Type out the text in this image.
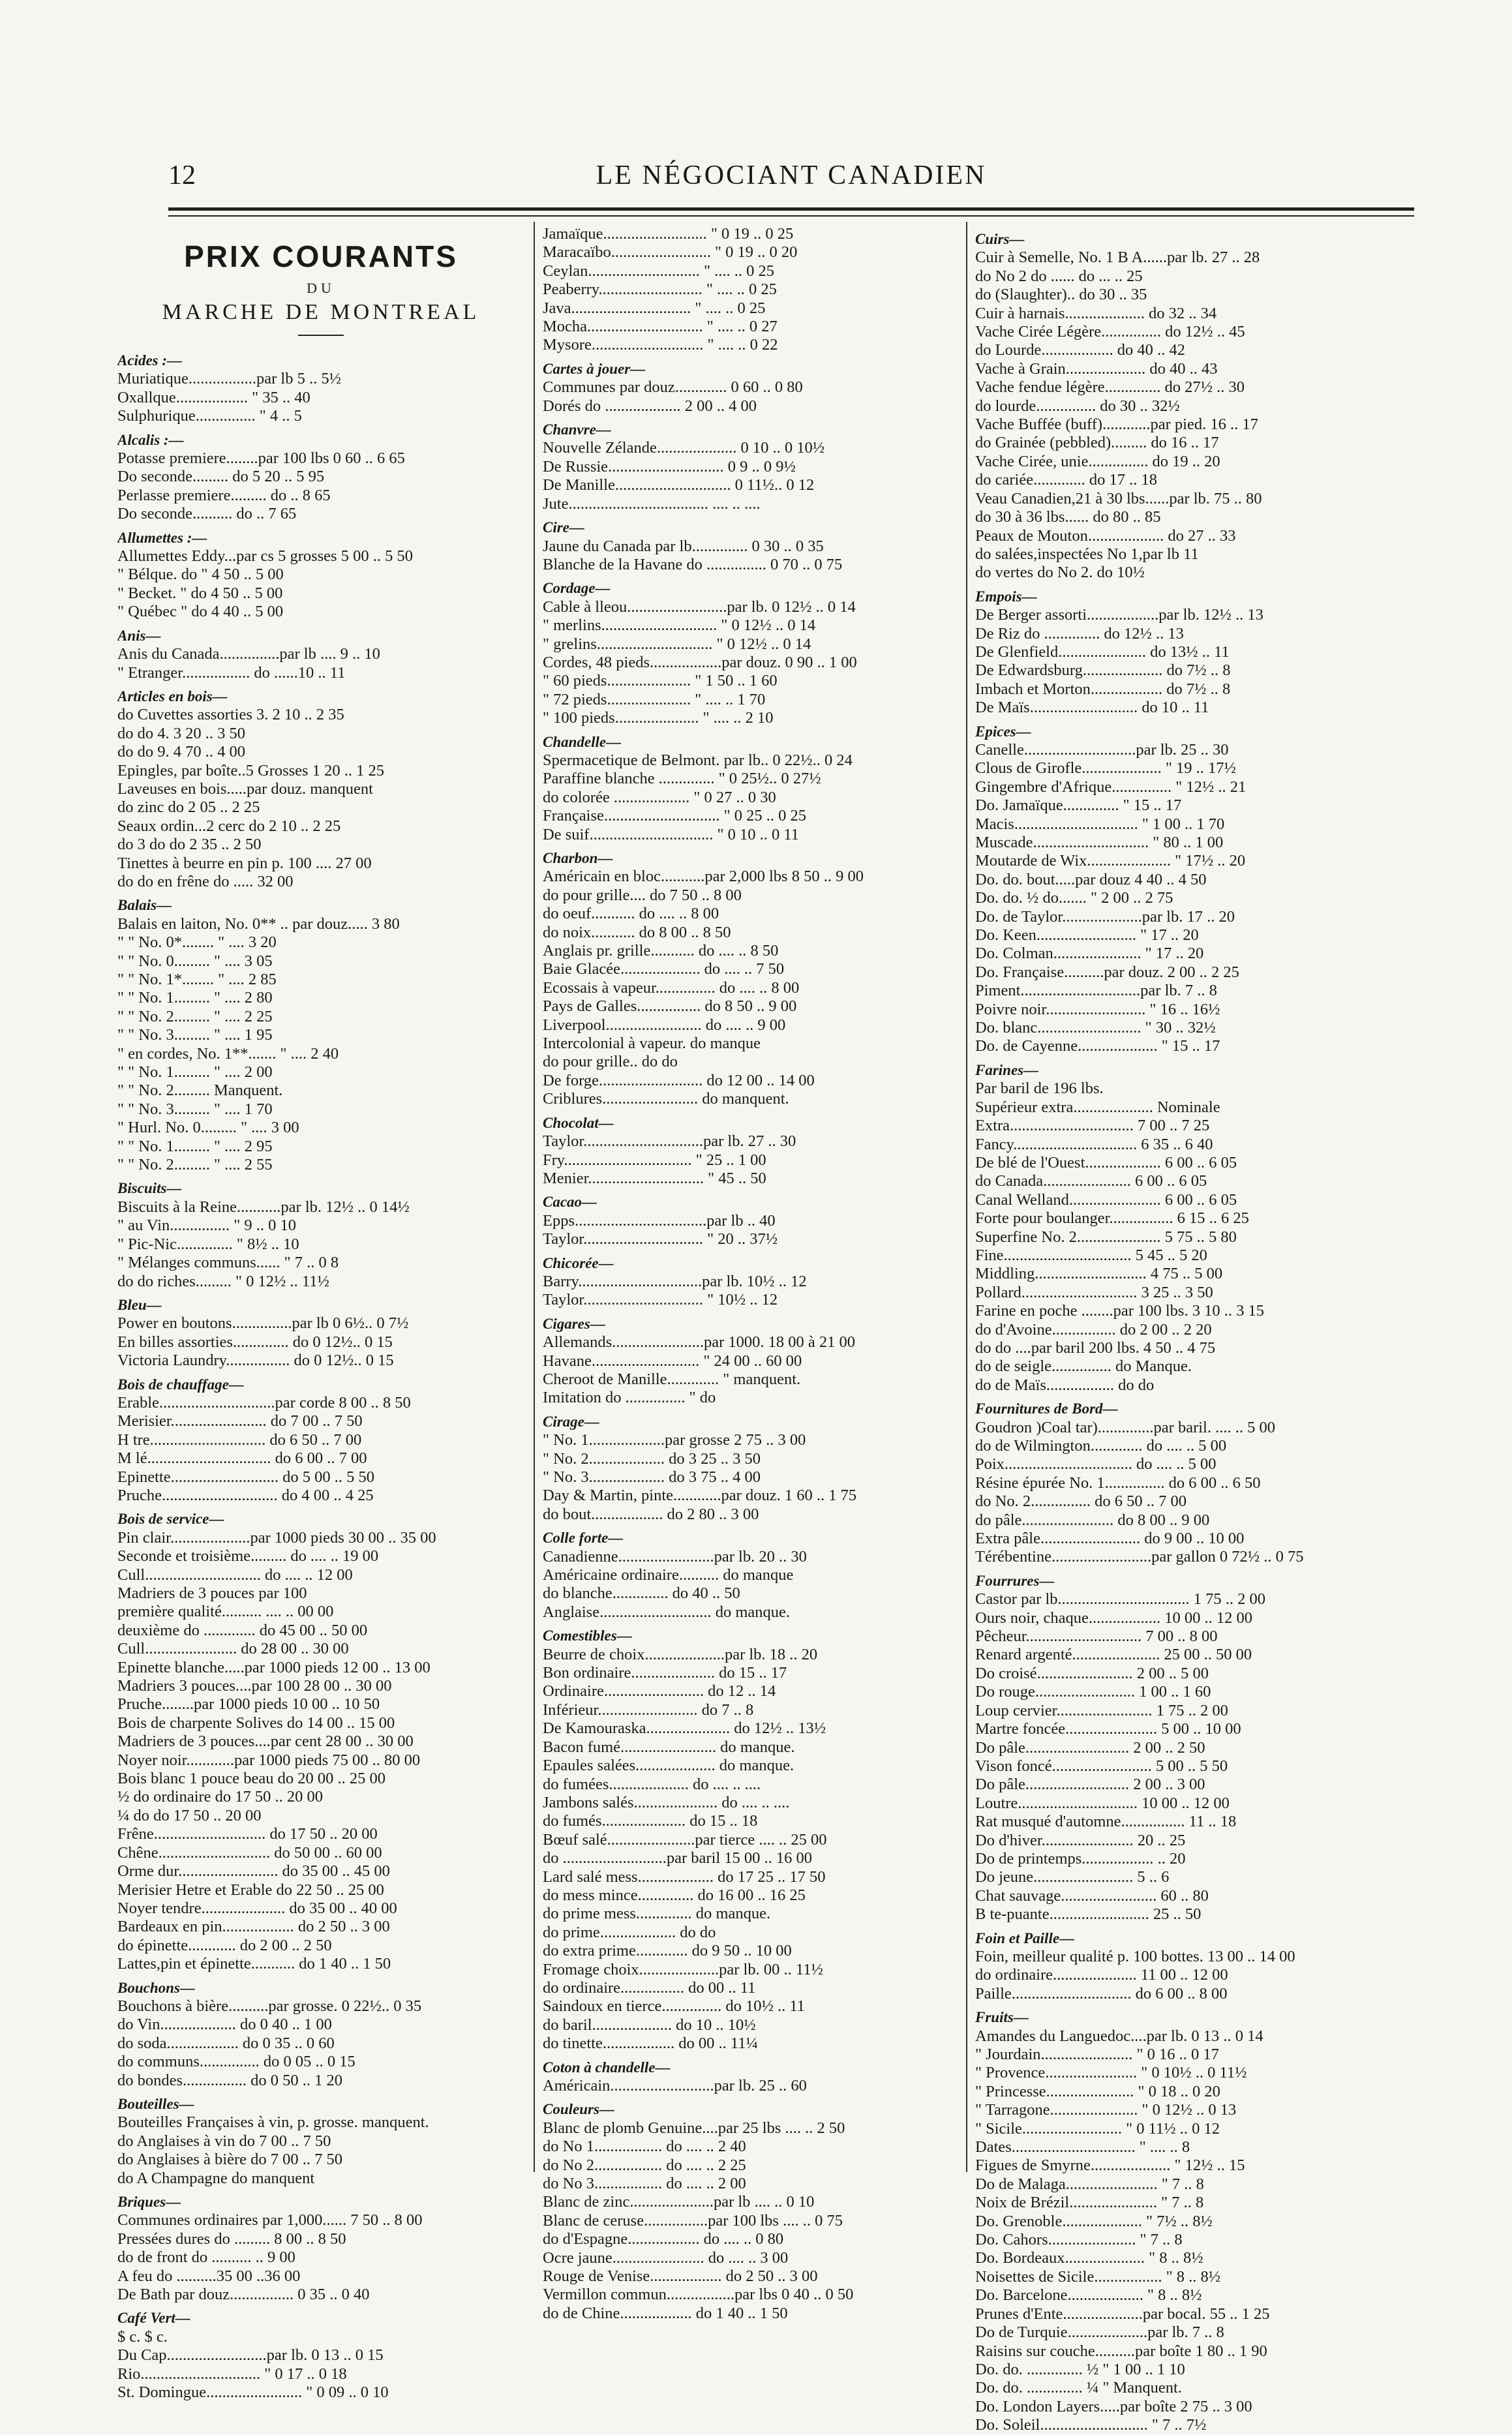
12	LE NÉGOCIANT CANADIEN
PRIX COURANTS
DU
MARCHE DE MONTREAL
Acides :—
Muriatique.................par lb 5 .. 5½
Oxallque.................. " 35 .. 40
Sulphurique............... " 4 .. 5
Alcalis :—
Potasse premiere........par 100 lbs 0 60 .. 6 65
Do seconde......... do 5 20 .. 5 95
Perlasse premiere......... do .. 8 65
Do seconde.......... do .. 7 65
Allumettes :—
Allumettes Eddy...par cs 5 grosses 5 00 .. 5 50
" Bélque. do " 4 50 .. 5 00
" Becket. " do 4 50 .. 5 00
" Québec " do 4 40 .. 5 00
Anis—
Anis du Canada...............par lb .... 9 .. 10
" Etranger................. do ......10 .. 11
Articles en bois—
do Cuvettes assorties 3. 2 10 .. 2 35
do do 4. 3 20 .. 3 50
do do 9. 4 70 .. 4 00
Epingles, par boîte..5 Grosses 1 20 .. 1 25
Laveuses en bois.....par douz. manquent
do zinc do 2 05 .. 2 25
Seaux ordin...2 cerc do 2 10 .. 2 25
do 3 do do 2 35 .. 2 50
Tinettes à beurre en pin p. 100 .... 27 00
do do en frêne do ..... 32 00
Balais—
Balais en laiton, No. 0** .. par douz..... 3 80
" " No. 0*........ " .... 3 20
" " No. 0......... " .... 3 05
" " No. 1*........ " .... 2 85
" " No. 1......... " .... 2 80
" " No. 2......... " .... 2 25
" " No. 3......... " .... 1 95
" en cordes, No. 1**....... " .... 2 40
" " No. 1......... " .... 2 00
" " No. 2......... Manquent.
" " No. 3......... " .... 1 70
" Hurl. No. 0......... " .... 3 00
" " No. 1......... " .... 2 95
" " No. 2......... " .... 2 55
Biscuits—
Biscuits à la Reine...........par lb. 12½ .. 0 14½
" au Vin............... " 9 .. 0 10
" Pic-Nic.............. " 8½ .. 10
" Mélanges communs...... " 7 .. 0 8
do do riches......... " 0 12½ .. 11½
Bleu—
Power en boutons...............par lb 0 6½.. 0 7½
En billes assorties.............. do 0 12½.. 0 15
Victoria Laundry................ do 0 12½.. 0 15
Bois de chauffage—
Erable.............................par corde 8 00 .. 8 50
Merisier........................ do 7 00 .. 7 50
H tre............................. do 6 50 .. 7 00
M lé............................... do 6 00 .. 7 00
Epinette........................... do 5 00 .. 5 50
Pruche............................. do 4 00 .. 4 25
Bois de service—
Pin clair....................par 1000 pieds 30 00 .. 35 00
Seconde et troisième......... do .... .. 19 00
Cull............................. do .... .. 12 00
Madriers de 3 pouces par 100
première qualité.......... .... .. 00 00
deuxième do ............. do 45 00 .. 50 00
Cull....................... do 28 00 .. 30 00
Epinette blanche.....par 1000 pieds 12 00 .. 13 00
Madriers 3 pouces....par 100 28 00 .. 30 00
Pruche........par 1000 pieds 10 00 .. 10 50
Bois de charpente Solives do 14 00 .. 15 00
Madriers de 3 pouces....par cent 28 00 .. 30 00
Noyer noir............par 1000 pieds 75 00 .. 80 00
Bois blanc 1 pouce beau do 20 00 .. 25 00
½ do ordinaire do 17 50 .. 20 00
¼ do do 17 50 .. 20 00
Frêne............................ do 17 50 .. 20 00
Chêne............................ do 50 00 .. 60 00
Orme dur......................... do 35 00 .. 45 00
Merisier Hetre et Erable do 22 50 .. 25 00
Noyer tendre..................... do 35 00 .. 40 00
Bardeaux en pin.................. do 2 50 .. 3 00
do épinette............ do 2 00 .. 2 50
Lattes,pin et épinette........... do 1 40 .. 1 50
Bouchons—
Bouchons à bière..........par grosse. 0 22½.. 0 35
do Vin................... do 0 40 .. 1 00
do soda.................. do 0 35 .. 0 60
do communs............... do 0 05 .. 0 15
do bondes................ do 0 50 .. 1 20
Bouteilles—
Bouteilles Françaises à vin, p. grosse. manquent.
do Anglaises à vin do 7 00 .. 7 50
do Anglaises à bière do 7 00 .. 7 50
do A Champagne do manquent
Briques—
Communes ordinaires par 1,000...... 7 50 .. 8 00
Pressées dures do ......... 8 00 .. 8 50
do de front do .......... .. 9 00
A feu do ..........35 00 ..36 00
De Bath par douz................ 0 35 .. 0 40
Café Vert—
$ c. $ c.
Du Cap.........................par lb. 0 13 .. 0 15
Rio.............................. " 0 17 .. 0 18
St. Domingue........................ " 0 09 .. 0 10
Jamaïque.......................... " 0 19 .. 0 25
Maracaïbo......................... " 0 19 .. 0 20
Ceylan............................ " .... .. 0 25
Peaberry.......................... " .... .. 0 25
Java.............................. " .... .. 0 25
Mocha............................. " .... .. 0 27
Mysore............................ " .... .. 0 22
Cartes à jouer—
Communes par douz............. 0 60 .. 0 80
Dorés do ................... 2 00 .. 4 00
Chanvre—
Nouvelle Zélande.................... 0 10 .. 0 10½
De Russie............................. 0 9 .. 0 9½
De Manille............................. 0 11½.. 0 12
Jute................................... .... .. ....
Cire—
Jaune du Canada par lb.............. 0 30 .. 0 35
Blanche de la Havane do ............... 0 70 .. 0 75
Cordage—
Cable à lleou.........................par lb. 0 12½ .. 0 14
" merlins............................. " 0 12½ .. 0 14
" grelins............................. " 0 12½ .. 0 14
Cordes, 48 pieds..................par douz. 0 90 .. 1 00
" 60 pieds..................... " 1 50 .. 1 60
" 72 pieds..................... " .... .. 1 70
" 100 pieds..................... " .... .. 2 10
Chandelle—
Spermacetique de Belmont. par lb.. 0 22½.. 0 24
Paraffine blanche .............. " 0 25½.. 0 27½
do colorée ................... " 0 27 .. 0 30
Française............................. " 0 25 .. 0 25
De suif............................... " 0 10 .. 0 11
Charbon—
Américain en bloc...........par 2,000 lbs 8 50 .. 9 00
do pour grille.... do 7 50 .. 8 00
do oeuf........... do .... .. 8 00
do noix........... do 8 00 .. 8 50
Anglais pr. grille........... do .... .. 8 50
Baie Glacée.................... do .... .. 7 50
Ecossais à vapeur............... do .... .. 8 00
Pays de Galles................ do 8 50 .. 9 00
Liverpool........................ do .... .. 9 00
Intercolonial à vapeur. do manque
do pour grille.. do do
De forge.......................... do 12 00 .. 14 00
Criblures........................ do manquent.
Chocolat—
Taylor..............................par lb. 27 .. 30
Fry................................ " 25 .. 1 00
Menier............................. " 45 .. 50
Cacao—
Epps.................................par lb .. 40
Taylor.............................. " 20 .. 37½
Chicorée—
Barry...............................par lb. 10½ .. 12
Taylor.............................. " 10½ .. 12
Cigares—
Allemands.......................par 1000. 18 00 à 21 00
Havane........................... " 24 00 .. 60 00
Cheroot de Manille............. " manquent.
Imitation do ............... " do
Cirage—
" No. 1...................par grosse 2 75 .. 3 00
" No. 2................... do 3 25 .. 3 50
" No. 3................... do 3 75 .. 4 00
Day & Martin, pinte............par douz. 1 60 .. 1 75
do bout.................. do 2 80 .. 3 00
Colle forte—
Canadienne........................par lb. 20 .. 30
Américaine ordinaire.......... do manque
do blanche.............. do 40 .. 50
Anglaise............................ do manque.
Comestibles—
Beurre de choix....................par lb. 18 .. 20
Bon ordinaire..................... do 15 .. 17
Ordinaire......................... do 12 .. 14
Inférieur......................... do 7 .. 8
De Kamouraska..................... do 12½ .. 13½
Bacon fumé........................ do manque.
Epaules salées.................... do manque.
do fumées.................... do .... .. ....
Jambons salés..................... do .... .. ....
do fumés..................... do 15 .. 18
Bœuf salé......................par tierce .... .. 25 00
do ..........................par baril 15 00 .. 16 00
Lard salé mess................... do 17 25 .. 17 50
do mess mince.............. do 16 00 .. 16 25
do prime mess.............. do manque.
do prime................... do do
do extra prime............. do 9 50 .. 10 00
Fromage choix....................par lb. 00 .. 11½
do ordinaire................ do 00 .. 11
Saindoux en tierce............... do 10½ .. 11
do baril.................... do 10 .. 10½
do tinette.................. do 00 .. 11¼
Coton à chandelle—
Américain..........................par lb. 25 .. 60
Couleurs—
Blanc de plomb Genuine....par 25 lbs .... .. 2 50
do No 1................. do .... .. 2 40
do No 2................. do .... .. 2 25
do No 3................. do .... .. 2 00
Blanc de zinc.....................par lb .... .. 0 10
Blanc de ceruse................par 100 lbs .... .. 0 75
do d'Espagne.................. do .... .. 0 80
Ocre jaune....................... do .... .. 3 00
Rouge de Venise.................. do 2 50 .. 3 00
Vermillon commun.................par lbs 0 40 .. 0 50
do de Chine.................. do 1 40 .. 1 50
Cuirs—
Cuir à Semelle, No. 1 B A......par lb. 27 .. 28
do No 2 do ...... do ... .. 25
do (Slaughter).. do 30 .. 35
Cuir à harnais.................... do 32 .. 34
Vache Cirée Légère............... do 12½ .. 45
do Lourde.................. do 40 .. 42
Vache à Grain.................... do 40 .. 43
Vache fendue légère.............. do 27½ .. 30
do lourde............... do 30 .. 32½
Vache Buffée (buff)............par pied. 16 .. 17
do Grainée (pebbled)......... do 16 .. 17
Vache Cirée, unie............... do 19 .. 20
do cariée............. do 17 .. 18
Veau Canadien,21 à 30 lbs......par lb. 75 .. 80
do 30 à 36 lbs...... do 80 .. 85
Peaux de Mouton................... do 27 .. 33
do salées,inspectées No 1,par lb 11
do vertes do No 2. do 10½
Empois—
De Berger assorti..................par lb. 12½ .. 13
De Riz do .............. do 12½ .. 13
De Glenfield...................... do 13½ .. 11
De Edwardsburg.................... do 7½ .. 8
Imbach et Morton.................. do 7½ .. 8
De Maïs........................... do 10 .. 11
Epices—
Canelle............................par lb. 25 .. 30
Clous de Girofle.................... " 19 .. 17½
Gingembre d'Afrique............... " 12½ .. 21
Do. Jamaïque.............. " 15 .. 17
Macis............................... " 1 00 .. 1 70
Muscade............................. " 80 .. 1 00
Moutarde de Wix..................... " 17½ .. 20
Do. do. bout.....par douz 4 40 .. 4 50
Do. do. ½ do....... " 2 00 .. 2 75
Do. de Taylor....................par lb. 17 .. 20
Do. Keen......................... " 17 .. 20
Do. Colman...................... " 17 .. 20
Do. Française..........par douz. 2 00 .. 2 25
Piment..............................par lb. 7 .. 8
Poivre noir......................... " 16 .. 16½
Do. blanc.......................... " 30 .. 32½
Do. de Cayenne.................... " 15 .. 17
Farines—
Par baril de 196 lbs.
Supérieur extra.................... Nominale
Extra............................... 7 00 .. 7 25
Fancy............................... 6 35 .. 6 40
De blé de l'Ouest................... 6 00 .. 6 05
do Canada...................... 6 00 .. 6 05
Canal Welland....................... 6 00 .. 6 05
Forte pour boulanger................ 6 15 .. 6 25
Superfine No. 2..................... 5 75 .. 5 80
Fine................................ 5 45 .. 5 20
Middling............................ 4 75 .. 5 00
Pollard............................. 3 25 .. 3 50
Farine en poche ........par 100 lbs. 3 10 .. 3 15
do d'Avoine................ do 2 00 .. 2 20
do do ....par baril 200 lbs. 4 50 .. 4 75
do de seigle............... do Manque.
do de Maïs................. do do
Fournitures de Bord—
Goudron )Coal tar)..............par baril. .... .. 5 00
do de Wilmington............. do .... .. 5 00
Poix................................ do .... .. 5 00
Résine épurée No. 1............... do 6 00 .. 6 50
do No. 2............... do 6 50 .. 7 00
do pâle....................... do 8 00 .. 9 00
Extra pâle......................... do 9 00 .. 10 00
Térébentine.........................par gallon 0 72½ .. 0 75
Fourrures—
Castor par lb................................. 1 75 .. 2 00
Ours noir, chaque.................. 10 00 .. 12 00
Pêcheur............................. 7 00 .. 8 00
Renard argenté...................... 25 00 .. 50 00
Do croisé........................ 2 00 .. 5 00
Do rouge......................... 1 00 .. 1 60
Loup cervier........................ 1 75 .. 2 00
Martre foncée....................... 5 00 .. 10 00
Do pâle.......................... 2 00 .. 2 50
Vison foncé......................... 5 00 .. 5 50
Do pâle.......................... 2 00 .. 3 00
Loutre.............................. 10 00 .. 12 00
Rat musqué d'automne................ 11 .. 18
Do d'hiver....................... 20 .. 25
Do de printemps.................. .. 20
Do jeune......................... 5 .. 6
Chat sauvage........................ 60 .. 80
B te-puante......................... 25 .. 50
Foin et Paille—
Foin, meilleur qualité p. 100 bottes. 13 00 .. 14 00
do ordinaire..................... 11 00 .. 12 00
Paille.............................. do 6 00 .. 8 00
Fruits—
Amandes du Languedoc....par lb. 0 13 .. 0 14
" Jourdain....................... " 0 16 .. 0 17
" Provence....................... " 0 10½ .. 0 11½
" Princesse...................... " 0 18 .. 0 20
" Tarragone...................... " 0 12½ .. 0 13
" Sicile......................... " 0 11½ .. 0 12
Dates............................... " .... .. 8
Figues de Smyrne.................... " 12½ .. 15
Do de Malaga....................... " 7 .. 8
Noix de Brézil...................... " 7 .. 8
Do. Grenoble.................... " 7½ .. 8½
Do. Cahors...................... " 7 .. 8
Do. Bordeaux.................... " 8 .. 8½
Noisettes de Sicile................. " 8 .. 8½
Do. Barcelone................... " 8 .. 8½
Prunes d'Ente....................par bocal. 55 .. 1 25
Do de Turquie....................par lb. 7 .. 8
Raisins sur couche..........par boîte 1 80 .. 1 90
Do. do. .............. ½ " 1 00 .. 1 10
Do. do. .............. ¼ " Manquent.
Do. London Layers.....par boîte 2 75 .. 3 00
Do. Soleil........................... " 7 .. 7½
